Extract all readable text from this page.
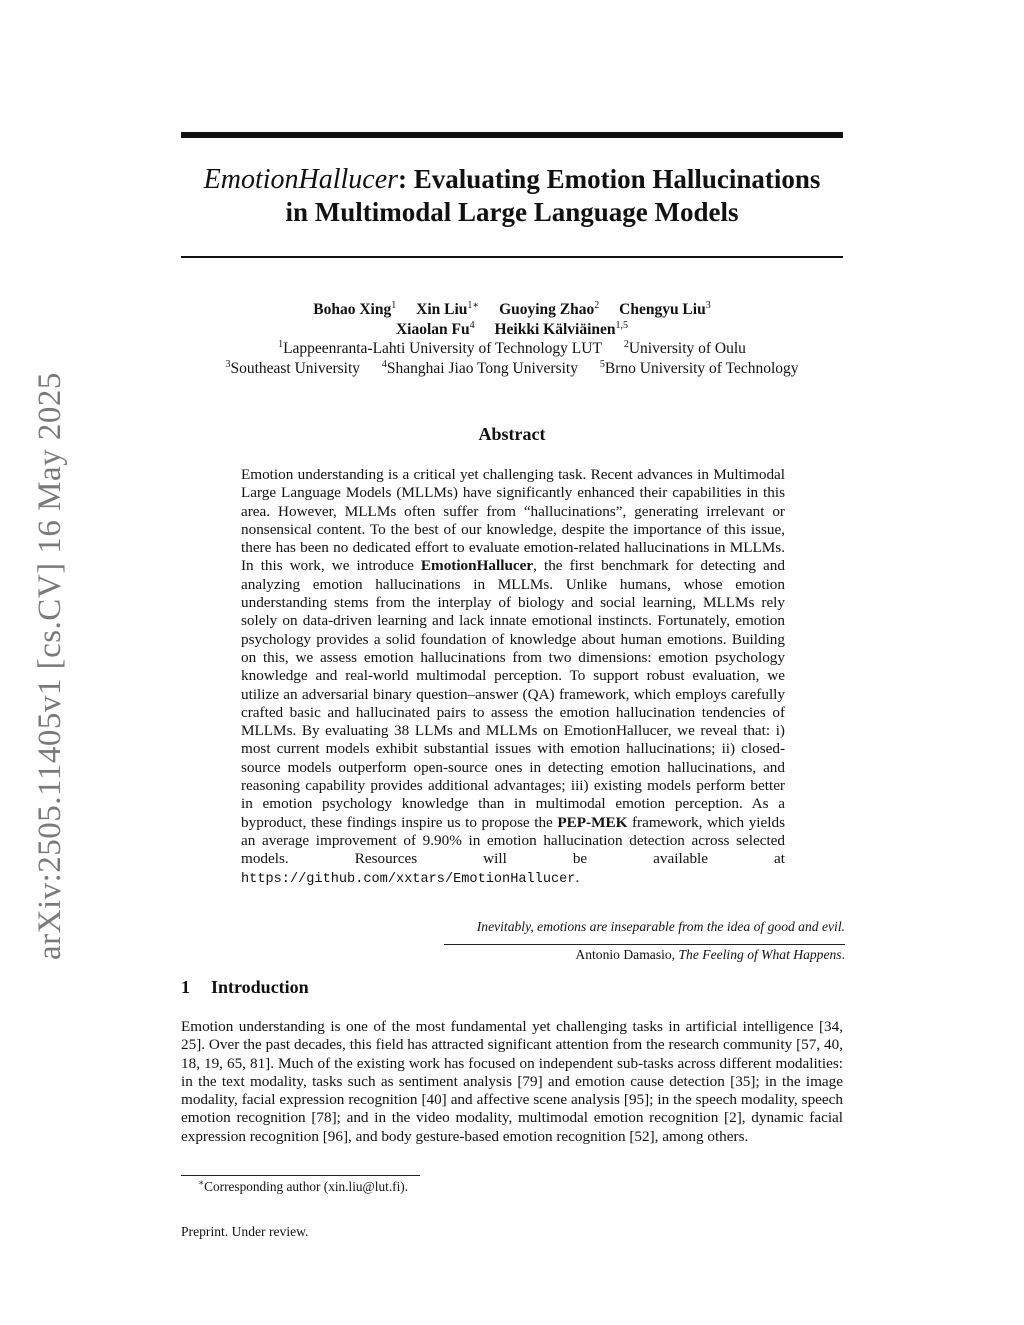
arXiv:2505.11405v1 [cs.CV] 16 May 2025
EmotionHallucer: Evaluating Emotion Hallucinations
in Multimodal Large Language Models
Bohao Xing$^1$ Xin Liu$^{1∗}$ Guoying Zhao$^2$ Chengyu Liu$^3$
Xiaolan Fu$^4$ Heikki Kälviäinen$^{1,5}$
$^1$Lappeenranta-Lahti University of Technology LUT $^2$University of Oulu
$^3$Southeast University $^4$Shanghai Jiao Tong University $^5$Brno University of Technology
Abstract
Emotion understanding is a critical yet challenging task. Recent advances in Multimodal Large Language Models (MLLMs) have significantly enhanced their capabilities in this area. However, MLLMs often suffer from “hallucinations”, generating irrelevant or nonsensical content. To the best of our knowledge, despite the importance of this issue, there has been no dedicated effort to evaluate emotion-related hallucinations in MLLMs. In this work, we introduce EmotionHallucer, the first benchmark for detecting and analyzing emotion hallucinations in MLLMs. Unlike humans, whose emotion understanding stems from the interplay of biology and social learning, MLLMs rely solely on data-driven learning and lack innate emotional instincts. Fortunately, emotion psychology provides a solid foundation of knowledge about human emotions. Building on this, we assess emotion hallucinations from two dimensions: emotion psychology knowledge and real-world multimodal perception. To support robust evaluation, we utilize an adversarial binary question–answer (QA) framework, which employs carefully crafted basic and hallucinated pairs to assess the emotion hallucination tendencies of MLLMs. By evaluating 38 LLMs and MLLMs on EmotionHallucer, we reveal that: i) most current models exhibit substantial issues with emotion hallucinations; ii) closed-source models outperform open-source ones in detecting emotion hallucinations, and reasoning capability provides additional advantages; iii) existing models perform better in emotion psychology knowledge than in multimodal emotion perception. As a byproduct, these findings inspire us to propose the PEP-MEK framework, which yields an average improvement of 9.90% in emotion hallucination detection across selected models. Resources will be available at https://github.com/xxtars/EmotionHallucer.
Inevitably, emotions are inseparable from the idea of good and evil.
Antonio Damasio, The Feeling of What Happens.
1 Introduction
Emotion understanding is one of the most fundamental yet challenging tasks in artificial intelligence [34, 25]. Over the past decades, this field has attracted significant attention from the research community [57, 40, 18, 19, 65, 81]. Much of the existing work has focused on independent sub-tasks across different modalities: in the text modality, tasks such as sentiment analysis [79] and emotion cause detection [35]; in the image modality, facial expression recognition [40] and affective scene analysis [95]; in the speech modality, speech emotion recognition [78]; and in the video modality, multimodal emotion recognition [2], dynamic facial expression recognition [96], and body gesture-based emotion recognition [52], among others.
∗Corresponding author (xin.liu@lut.fi).
Preprint. Under review.
